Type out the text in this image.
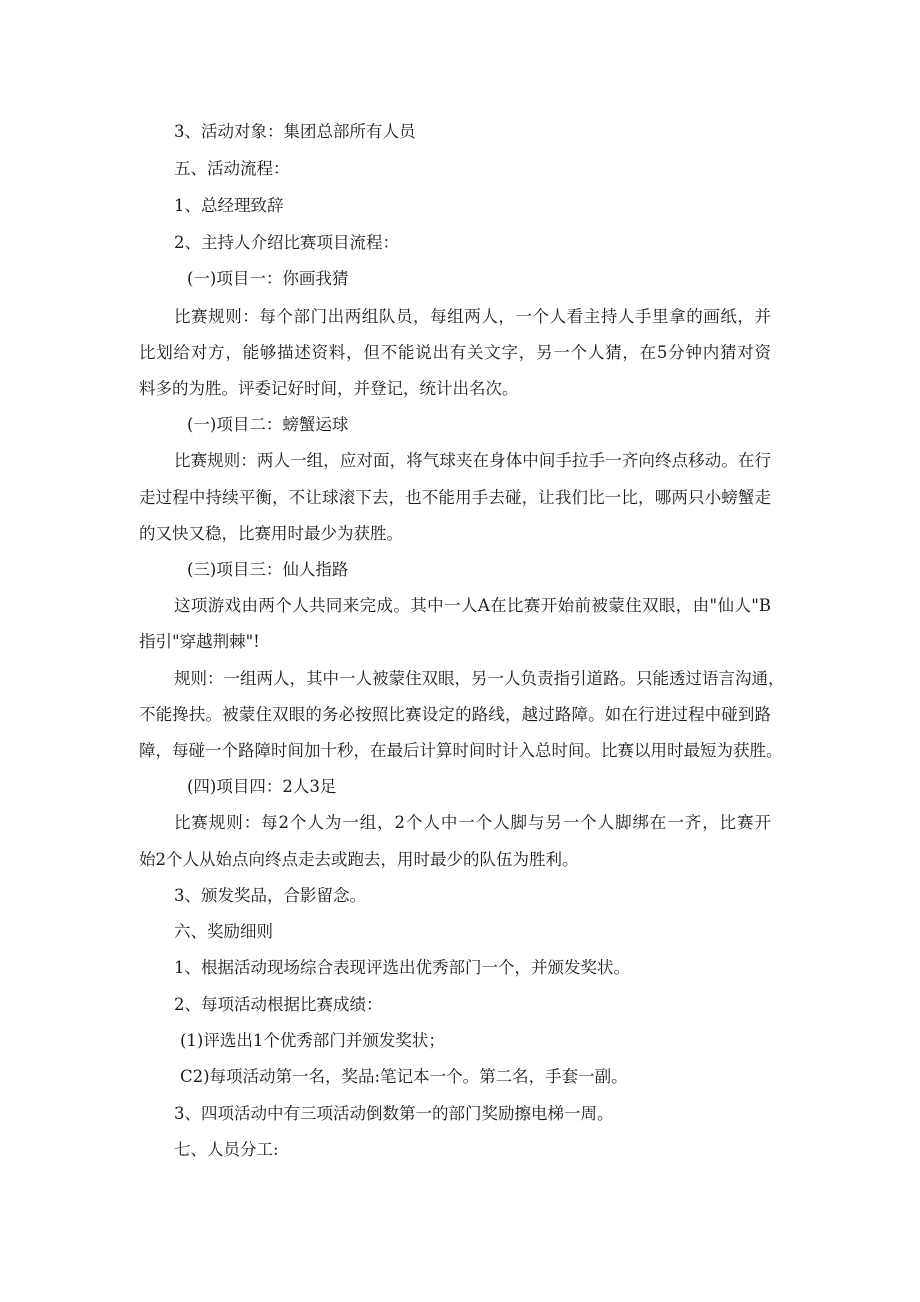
3、活动对象：集团总部所有人员
五、活动流程：
1、总经理致辞
2、主持人介绍比赛项目流程：
(一)项目一：你画我猜
比赛规则：每个部门出两组队员，每组两人，一个人看主持人手里拿的画纸，并
比划给对方，能够描述资料，但不能说出有关文字，另一个人猜，在5分钟内猜对资
料多的为胜。评委记好时间，并登记，统计出名次。
(一)项目二：螃蟹运球
比赛规则：两人一组，应对面，将气球夹在身体中间手拉手一齐向终点移动。在行
走过程中持续平衡，不让球滚下去，也不能用手去碰，让我们比一比，哪两只小螃蟹走
的又快又稳，比赛用时最少为获胜。
(三)项目三：仙人指路
这项游戏由两个人共同来完成。其中一人A在比赛开始前被蒙住双眼，由"仙人"B
指引"穿越荆棘"!
规则：一组两人，其中一人被蒙住双眼，另一人负责指引道路。只能透过语言沟通，
不能搀扶。被蒙住双眼的务必按照比赛设定的路线，越过路障。如在行进过程中碰到路
障，每碰一个路障时间加十秒，在最后计算时间时计入总时间。比赛以用时最短为获胜。
(四)项目四：2人3足
比赛规则：每2个人为一组，2个人中一个人脚与另一个人脚绑在一齐，比赛开
始2个人从始点向终点走去或跑去，用时最少的队伍为胜利。
3、颁发奖品，合影留念。
六、奖励细则
1、根据活动现场综合表现评选出优秀部门一个，并颁发奖状。
2、每项活动根据比赛成绩：
(1)评选出1个优秀部门并颁发奖状；
C2)每项活动第一名，奖品:笔记本一个。第二名，手套一副。
3、四项活动中有三项活动倒数第一的部门奖励擦电梯一周。
七、人员分工:
